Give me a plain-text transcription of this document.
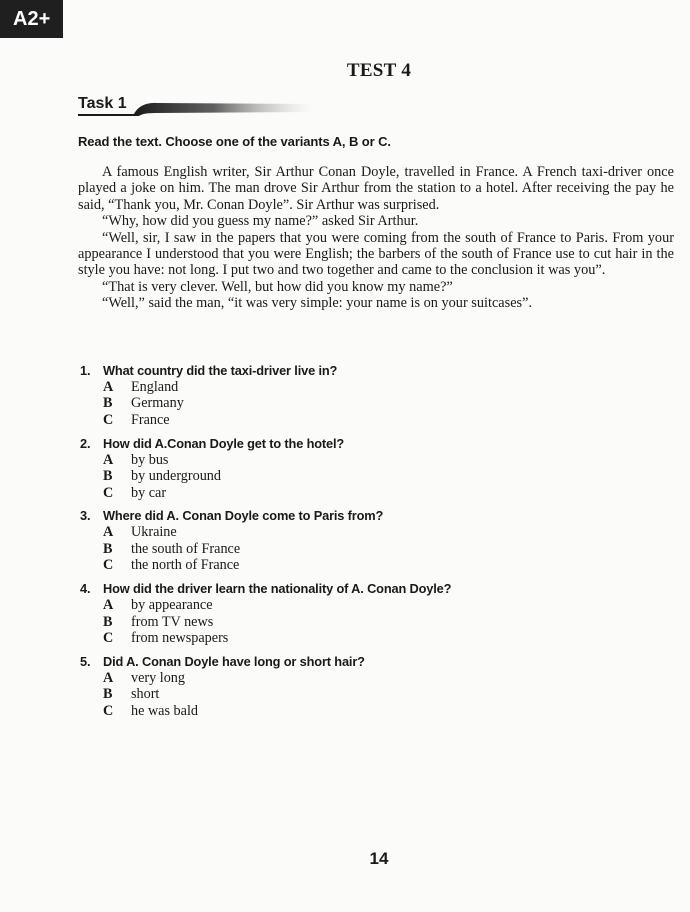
A2+
TEST 4
Task 1
Read the text. Choose one of the variants A, B or C.

A famous English writer, Sir Arthur Conan Doyle, travelled in France. A French taxi-driver once played a joke on him. The man drove Sir Arthur from the station to a hotel. After receiving the pay he said, “Thank you, Mr. Conan Doyle”. Sir Arthur was surprised.

“Why, how did you guess my name?” asked Sir Arthur.

“Well, sir, I saw in the papers that you were coming from the south of France to Paris. From your appearance I understood that you were English; the barbers of the south of France use to cut hair in the style you have: not long. I put two and two together and came to the conclusion it was you”.

“That is very clever. Well, but how did you know my name?”

“Well,” said the man, “it was very simple: your name is on your suitcases”.

1. What country did the taxi-driver live in?
A England
B Germany
C France
2. How did A.Conan Doyle get to the hotel?
A by bus
B by underground
C by car
3. Where did A. Conan Doyle come to Paris from?
A Ukraine
B the south of France
C the north of France
4. How did the driver learn the nationality of A. Conan Doyle?
A by appearance
B from TV news
C from newspapers
5. Did A. Conan Doyle have long or short hair?
A very long
B short
C he was bald
14
